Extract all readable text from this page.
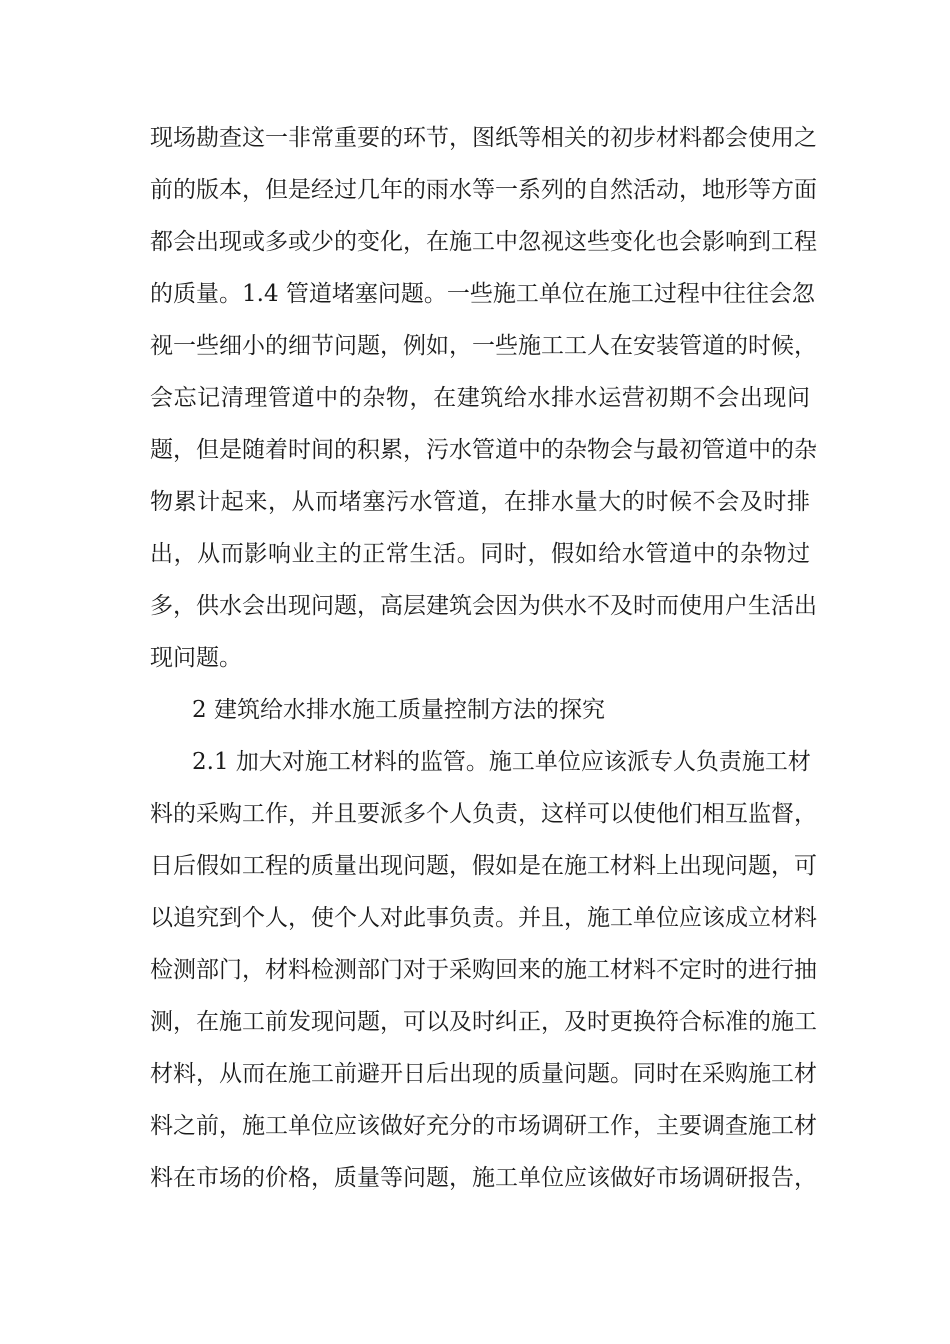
现场勘查这一非常重要的环节，图纸等相关的初步材料都会使用之
前的版本，但是经过几年的雨水等一系列的自然活动，地形等方面
都会出现或多或少的变化，在施工中忽视这些变化也会影响到工程
的质量。1.4 管道堵塞问题。一些施工单位在施工过程中往往会忽
视一些细小的细节问题，例如，一些施工工人在安装管道的时候，
会忘记清理管道中的杂物，在建筑给水排水运营初期不会出现问
题，但是随着时间的积累，污水管道中的杂物会与最初管道中的杂
物累计起来，从而堵塞污水管道，在排水量大的时候不会及时排
出，从而影响业主的正常生活。同时，假如给水管道中的杂物过
多，供水会出现问题，高层建筑会因为供水不及时而使用户生活出
现问题。
2 建筑给水排水施工质量控制方法的探究
2.1 加大对施工材料的监管。施工单位应该派专人负责施工材
料的采购工作，并且要派多个人负责，这样可以使他们相互监督，
日后假如工程的质量出现问题，假如是在施工材料上出现问题，可
以追究到个人，使个人对此事负责。并且，施工单位应该成立材料
检测部门，材料检测部门对于采购回来的施工材料不定时的进行抽
测，在施工前发现问题，可以及时纠正，及时更换符合标准的施工
材料，从而在施工前避开日后出现的质量问题。同时在采购施工材
料之前，施工单位应该做好充分的市场调研工作，主要调查施工材
料在市场的价格，质量等问题，施工单位应该做好市场调研报告，
